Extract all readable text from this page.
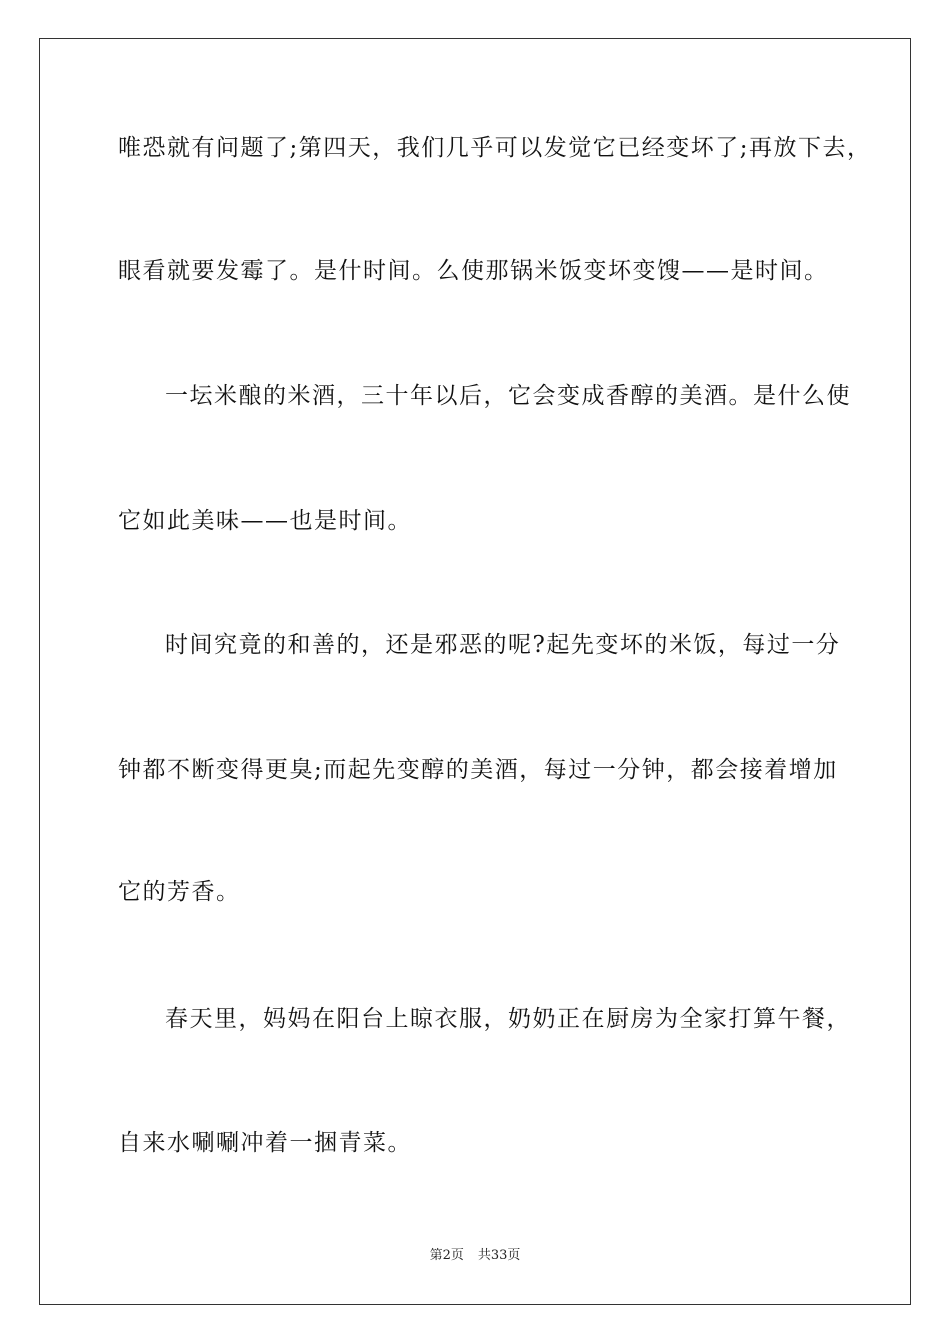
唯恐就有问题了;第四天，我们几乎可以发觉它已经变坏了;再放下去，
眼看就要发霉了。是什时间。么使那锅米饭变坏变馊——是时间。
一坛米酿的米酒，三十年以后，它会变成香醇的美酒。是什么使
它如此美味——也是时间。
时间究竟的和善的，还是邪恶的呢?起先变坏的米饭，每过一分
钟都不断变得更臭;而起先变醇的美酒，每过一分钟，都会接着增加
它的芳香。
春天里，妈妈在阳台上晾衣服，奶奶正在厨房为全家打算午餐，
自来水唰唰冲着一捆青菜。
第2页 共33页
